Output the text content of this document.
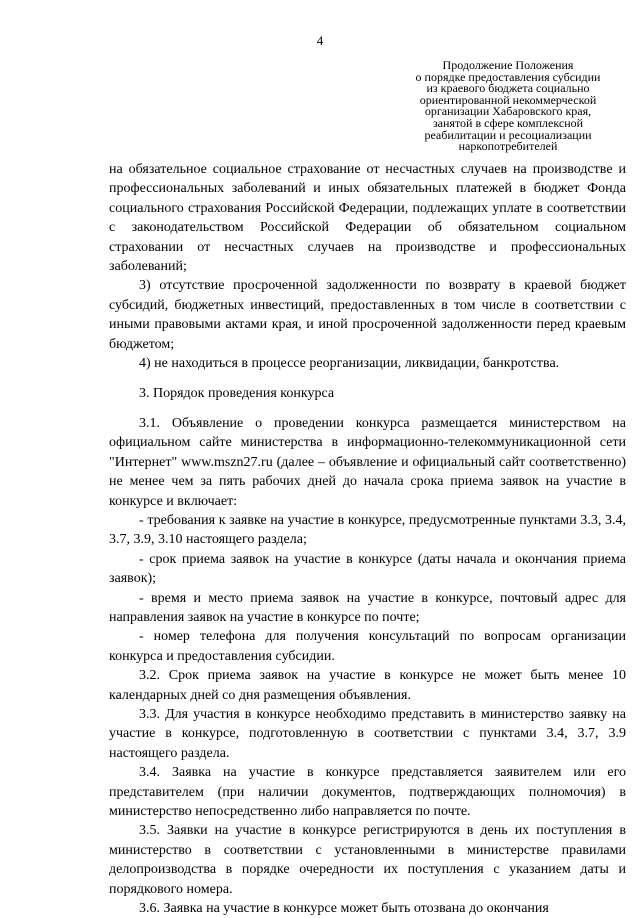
4
Продолжение Положения
о порядке предоставления субсидии
из краевого бюджета социально
ориентированной некоммерческой
организации Хабаровского края,
занятой в сфере комплексной
реабилитации и ресоциализации
наркопотребителей

на обязательное социальное страхование от несчастных случаев на производстве и профессиональных заболеваний и иных обязательных платежей в бюджет Фонда социального страхования Российской Федерации, подлежащих уплате в соответствии с законодательством Российской Федерации об обязательном социальном страховании от несчастных случаев на производстве и профессиональных заболеваний;

3) отсутствие просроченной задолженности по возврату в краевой бюджет субсидий, бюджетных инвестиций, предоставленных в том числе в соответствии с иными правовыми актами края, и иной просроченной задолженности перед краевым бюджетом;

4) не находиться в процессе реорганизации, ликвидации, банкротства.

3. Порядок проведения конкурса

3.1. Объявление о проведении конкурса размещается министерством на официальном сайте министерства в информационно-телекоммуникационной сети "Интернет" www.mszn27.ru (далее – объявление и официальный сайт соответственно) не менее чем за пять рабочих дней до начала срока приема заявок на участие в конкурсе и включает:

- требования к заявке на участие в конкурсе, предусмотренные пунктами 3.3, 3.4, 3.7, 3.9, 3.10 настоящего раздела;

- срок приема заявок на участие в конкурсе (даты начала и окончания приема заявок);

- время и место приема заявок на участие в конкурсе, почтовый адрес для направления заявок на участие в конкурсе по почте;

- номер телефона для получения консультаций по вопросам организации конкурса и предоставления субсидии.

3.2. Срок приема заявок на участие в конкурсе не может быть менее 10 календарных дней со дня размещения объявления.

3.3. Для участия в конкурсе необходимо представить в министерство заявку на участие в конкурсе, подготовленную в соответствии с пунктами 3.4, 3.7, 3.9 настоящего раздела.

3.4. Заявка на участие в конкурсе представляется заявителем или его представителем (при наличии документов, подтверждающих полномочия) в министерство непосредственно либо направляется по почте.

3.5. Заявки на участие в конкурсе регистрируются в день их поступления в министерство в соответствии с установленными в министерстве правилами делопроизводства в порядке очередности их поступления с указанием даты и порядкового номера.

3.6. Заявка на участие в конкурсе может быть отозвана до окончания
